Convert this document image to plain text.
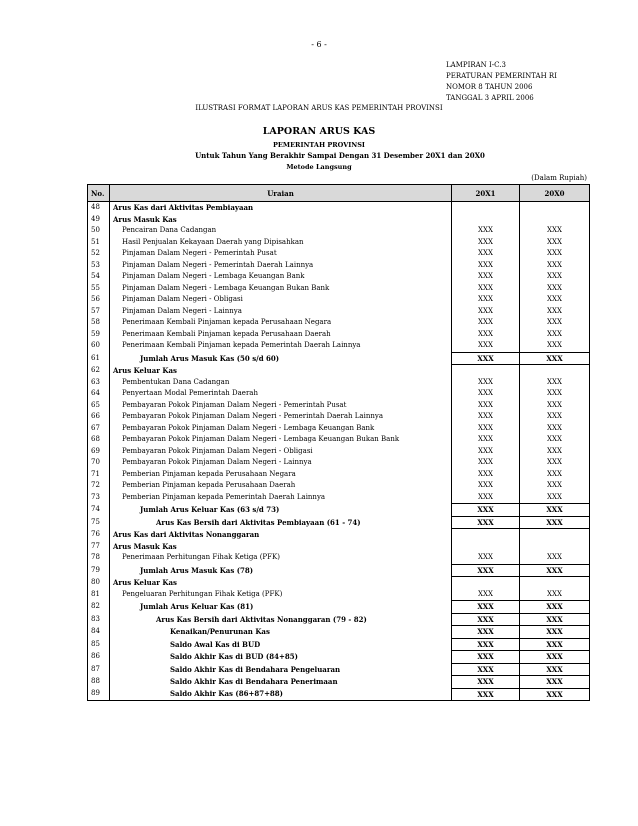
- 6 -
LAMPIRAN I-C.3
PERATURAN PEMERINTAH RI
NOMOR 8 TAHUN 2006
TANGGAL 3 APRIL 2006
ILUSTRASI FORMAT LAPORAN ARUS KAS PEMERINTAH PROVINSI
LAPORAN ARUS KAS
PEMERINTAH PROVINSI
Untuk Tahun Yang Berakhir Sampai Dengan 31 Desember 20X1 dan 20X0
Metode Langsung
(Dalam Rupiah)
No.	Uraian	20X1	20X0
48	Arus Kas dari Aktivitas Pembiayaan		
49	Arus Masuk Kas		
50	Pencairan Dana Cadangan	XXX	XXX
51	Hasil Penjualan Kekayaan Daerah yang Dipisahkan	XXX	XXX
52	Pinjaman Dalam Negeri - Pemerintah Pusat	XXX	XXX
53	Pinjaman Dalam Negeri - Pemerintah Daerah Lainnya	XXX	XXX
54	Pinjaman Dalam Negeri - Lembaga Keuangan Bank	XXX	XXX
55	Pinjaman Dalam Negeri - Lembaga Keuangan Bukan Bank	XXX	XXX
56	Pinjaman Dalam Negeri - Obligasi	XXX	XXX
57	Pinjaman Dalam Negeri - Lainnya	XXX	XXX
58	Penerimaan Kembali Pinjaman kepada Perusahaan Negara	XXX	XXX
59	Penerimaan Kembali Pinjaman kepada Perusahaan Daerah	XXX	XXX
60	Penerimaan Kembali Pinjaman kepada Pemerintah Daerah Lainnya	XXX	XXX
61	Jumlah Arus Masuk Kas (50 s/d 60)	XXX	XXX
62	Arus Keluar Kas		
63	Pembentukan Dana Cadangan	XXX	XXX
64	Penyertaan Modal Pemerintah Daerah	XXX	XXX
65	Pembayaran Pokok Pinjaman Dalam Negeri - Pemerintah Pusat	XXX	XXX
66	Pembayaran Pokok Pinjaman Dalam Negeri - Pemerintah Daerah Lainnya	XXX	XXX
67	Pembayaran Pokok Pinjaman Dalam Negeri - Lembaga Keuangan Bank	XXX	XXX
68	Pembayaran Pokok Pinjaman Dalam Negeri - Lembaga Keuangan Bukan Bank	XXX	XXX
69	Pembayaran Pokok Pinjaman Dalam Negeri - Obligasi	XXX	XXX
70	Pembayaran Pokok Pinjaman Dalam Negeri - Lainnya	XXX	XXX
71	Pemberian Pinjaman kepada Perusahaan Negara	XXX	XXX
72	Pemberian Pinjaman kepada Perusahaan Daerah	XXX	XXX
73	Pemberian Pinjaman kepada Pemerintah Daerah Lainnya	XXX	XXX
74	Jumlah Arus Keluar Kas (63 s/d 73)	XXX	XXX
75	Arus Kas Bersih dari Aktivitas Pembiayaan (61 - 74)	XXX	XXX
76	Arus Kas dari Aktivitas Nonanggaran		
77	Arus Masuk Kas		
78	Penerimaan Perhitungan Fihak Ketiga (PFK)	XXX	XXX
79	Jumlah Arus Masuk Kas (78)	XXX	XXX
80	Arus Keluar Kas		
81	Pengeluaran Perhitungan Fihak Ketiga (PFK)	XXX	XXX
82	Jumlah Arus Keluar Kas (81)	XXX	XXX
83	Arus Kas Bersih dari Aktivitas Nonanggaran (79 - 82)	XXX	XXX
84	Kenaikan/Penurunan Kas	XXX	XXX
85	Saldo Awal Kas di BUD	XXX	XXX
86	Saldo Akhir Kas di BUD (84+85)	XXX	XXX
87	Saldo Akhir Kas di Bendahara Pengeluaran	XXX	XXX
88	Saldo Akhir Kas di Bendahara Penerimaan	XXX	XXX
89	Saldo Akhir Kas (86+87+88)	XXX	XXX
